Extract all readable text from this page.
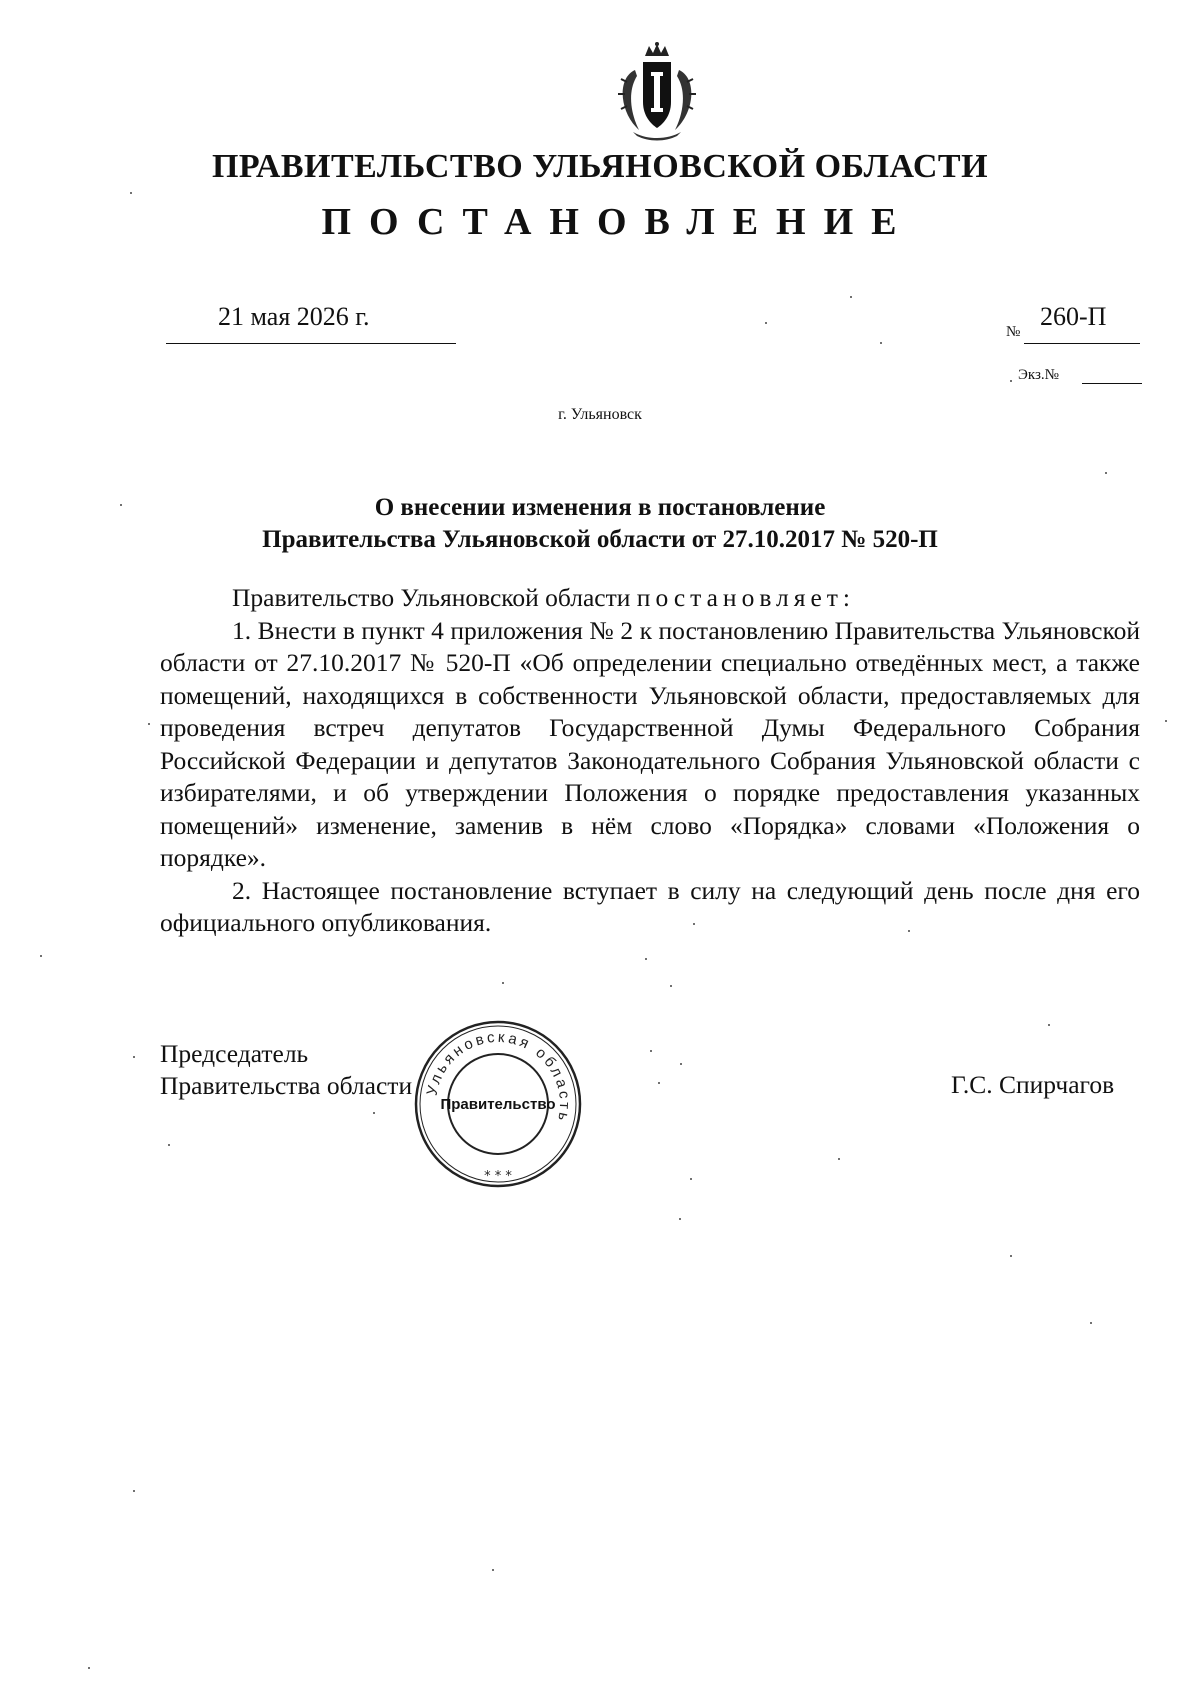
ПРАВИТЕЛЬСТВО УЛЬЯНОВСКОЙ ОБЛАСТИ
ПОСТАНОВЛЕНИЕ
21 мая 2026 г.
№
260-П
Экз.№
г. Ульяновск
О внесении изменения в постановление
Правительства Ульяновской области от 27.10.2017 № 520-П

Правительство Ульяновской области постановляет:

1. Внести в пункт 4 приложения № 2 к постановлению Правительства Ульяновской области от 27.10.2017 № 520-П «Об определении специально отведённых мест, а также помещений, находящихся в собственности Ульяновской области, предоставляемых для проведения встреч депутатов Государственной Думы Федерального Собрания Российской Федерации и депутатов Законодательного Собрания Ульяновской области с избирателями, и об утверждении Положения о порядке предоставления указанных помещений» изменение, заменив в нём слово «Порядка» словами «Положения о порядке».

2. Настоящее постановление вступает в силу на следующий день после дня его официального опубликования.

Председатель
Правительства области	Г.С. Спирчагов
Ульяновская область
Правительство
* * *
